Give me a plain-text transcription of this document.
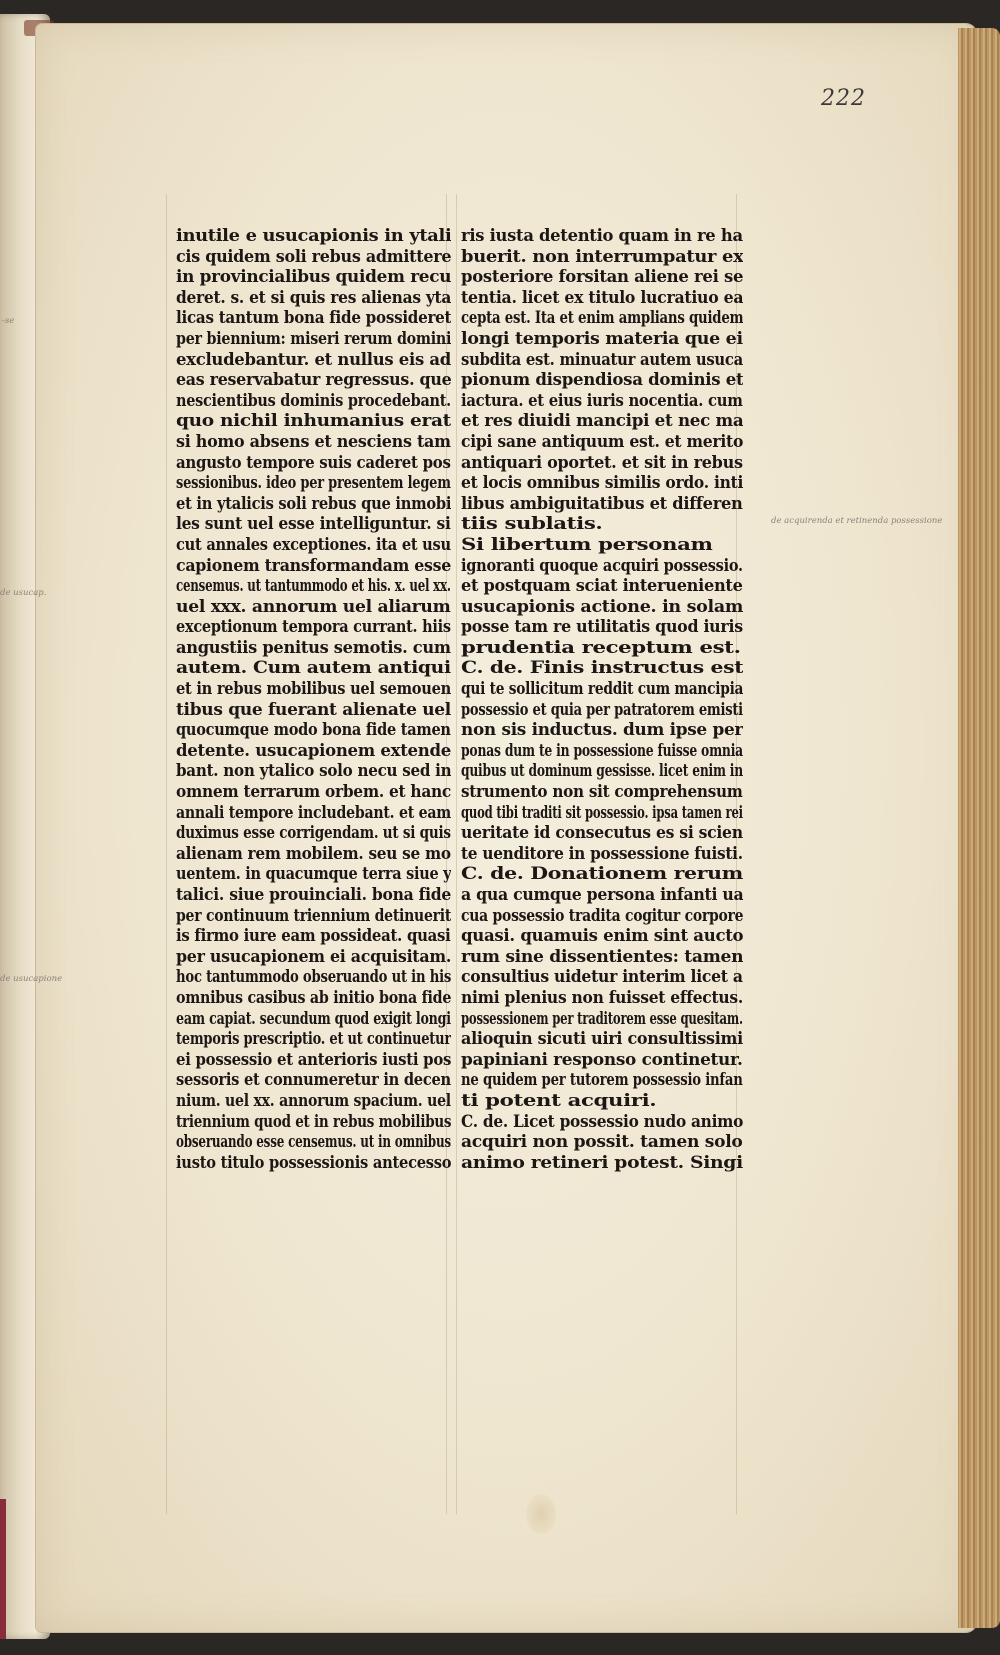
222
inutile e usucapionis in ytali
cis quidem soli rebus admittere
in provincialibus quidem recu
deret. s. et si quis res alienas yta
licas tantum bona fide possideret
per biennium: miseri rerum domini
excludebantur. et nullus eis ad
eas reservabatur regressus. que
nescientibus dominis procedebant.
quo nichil inhumanius erat
si homo absens et nesciens tam
angusto tempore suis caderet pos
sessionibus. ideo per presentem legem
et in ytalicis soli rebus que inmobi
les sunt uel esse intelliguntur. si
cut annales exceptiones. ita et usu
capionem transformandam esse
censemus. ut tantummodo et his. x. uel xx.
uel xxx. annorum uel aliarum
exceptionum tempora currant. hiis
angustiis penitus semotis. cum
autem. Cum autem antiqui
et in rebus mobilibus uel semouen
tibus que fuerant alienate uel
quocumque modo bona fide tamen
detente. usucapionem extende
bant. non ytalico solo necu sed in
omnem terrarum orbem. et hanc
annali tempore includebant. et eam
duximus esse corrigendam. ut si quis
alienam rem mobilem. seu se mo
uentem. in quacumque terra siue y
talici. siue prouinciali. bona fide
per continuum triennium detinuerit
is firmo iure eam possideat. quasi
per usucapionem ei acquisitam.
hoc tantummodo obseruando ut in his
omnibus casibus ab initio bona fide
eam capiat. secundum quod exigit longi
temporis prescriptio. et ut continuetur
ei possessio et anterioris iusti pos
sessoris et connumeretur in decen
nium. uel xx. annorum spacium. uel
triennium quod et in rebus mobilibus
obseruando esse censemus. ut in omnibus
iusto titulo possessionis antecesso
ris iusta detentio quam in re ha
buerit. non interrumpatur ex
posteriore forsitan aliene rei se
tentia. licet ex titulo lucratiuo ea
cepta est. Ita et enim amplians quidem
longi temporis materia que ei
subdita est. minuatur autem usuca
pionum dispendiosa dominis et
iactura. et eius iuris nocentia. cum
et res diuidi mancipi et nec ma
cipi sane antiquum est. et merito
antiquari oportet. et sit in rebus
et locis omnibus similis ordo. inti
libus ambiguitatibus et differen
tiis sublatis.
Si libertum personam
ignoranti quoque acquiri possessio.
et postquam sciat interueniente
usucapionis actione. in solam
posse tam re utilitatis quod iuris
prudentia receptum est.
C. de. Finis instructus est
qui te sollicitum reddit cum mancipia
possessio et quia per patratorem emisti
non sis inductus. dum ipse per
ponas dum te in possessione fuisse omnia
quibus ut dominum gessisse. licet enim in
strumento non sit comprehensum
quod tibi traditi sit possessio. ipsa tamen rei
ueritate id consecutus es si scien
te uenditore in possessione fuisti.
C. de. Donationem rerum
a qua cumque persona infanti ua
cua possessio tradita cogitur corpore
quasi. quamuis enim sint aucto
rum sine dissentientes: tamen
consultius uidetur interim licet a
nimi plenius non fuisset effectus.
possessionem per traditorem esse quesitam.
alioquin sicuti uiri consultissimi
papiniani responso continetur.
ne quidem per tutorem possessio infan
ti potent acquiri.
C. de. Licet possessio nudo animo
acquiri non possit. tamen solo
animo retineri potest. Singi
de acquirenda et retinenda possessione
-se
de usucap.
de usucapione
